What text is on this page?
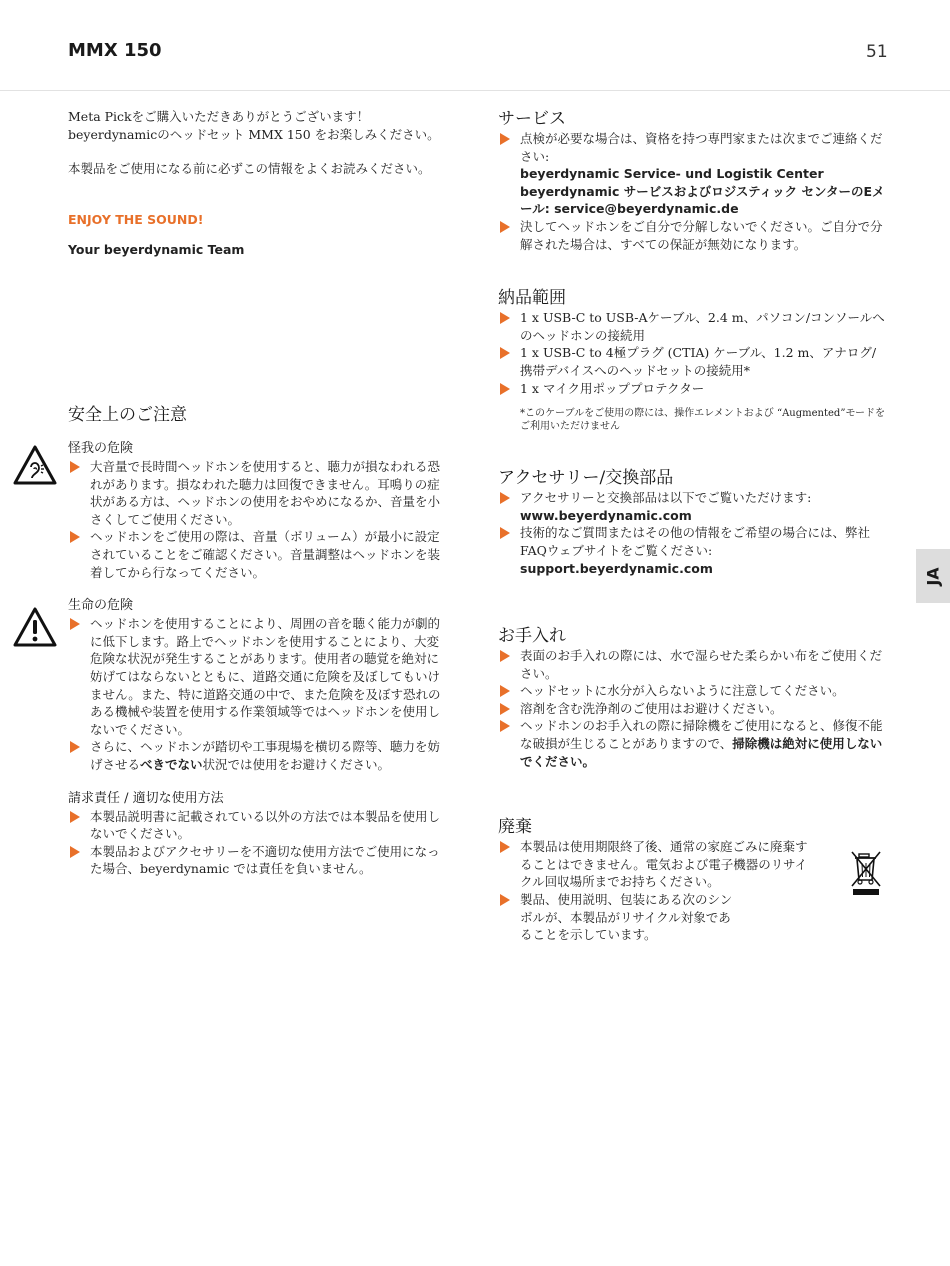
MMX 150	51

Meta Pickをご購入いただきありがとうございます！

beyerdynamicのヘッドセット MMX 150 をお楽しみください。

本製品をご使用になる前に必ずこの情報をよくお読みください。

ENJOY THE SOUND!
Your beyerdynamic Team
安全上のご注意
怪我の危険
大音量で長時間ヘッドホンを使用すると、聴力が損なわれる恐れがあります。損なわれた聴力は回復できません。耳鳴りの症状がある方は、ヘッドホンの使用をおやめになるか、音量を小さくしてご使用ください。
ヘッドホンをご使用の際は、音量（ボリューム）が最小に設定されていることをご確認ください。音量調整はヘッドホンを装着してから行なってください。
生命の危険
ヘッドホンを使用することにより、周囲の音を聴く能力が劇的に低下します。路上でヘッドホンを使用することにより、大変危険な状況が発生することがあります。使用者の聴覚を絶対に妨げてはならないとともに、道路交通に危険を及ぼしてもいけません。また、特に道路交通の中で、また危険を及ぼす恐れのある機械や装置を使用する作業領域等ではヘッドホンを使用しないでください。
さらに、ヘッドホンが踏切や工事現場を横切る際等、聴力を妨げさせるべきでない状況では使用をお避けください。
請求責任 / 適切な使用方法
本製品説明書に記載されている以外の方法では本製品を使用しないでください。
本製品およびアクセサリーを不適切な使用方法でご使用になった場合、beyerdynamic では責任を負いません。
サービス
点検が必要な場合は、資格を持つ専門家または次までご連絡ください:
beyerdynamic Service- und Logistik Center
beyerdynamic サービスおよびロジスティック センターのEメール: service@beyerdynamic.de
決してヘッドホンをご自分で分解しないでください。ご自分で分解された場合は、すべての保証が無効になります。
納品範囲
1 x USB-C to USB-Aケーブル、2.4 m、パソコン/コンソールへのヘッドホンの接続用
1 x USB-C to 4極プラグ (CTIA) ケーブル、1.2 m、アナログ/携帯デバイスへのヘッドセットの接続用*
1 x マイク用ポッププロテクター
*このケーブルをご使用の際には、操作エレメントおよび “Augmented”モードをご利用いただけません
アクセサリー/交換部品
アクセサリーと交換部品は以下でご覧いただけます:
www.beyerdynamic.com
技術的なご質問またはその他の情報をご希望の場合には、弊社FAQウェブサイトをご覧ください:
support.beyerdynamic.com
お手入れ
表面のお手入れの際には、水で湿らせた柔らかい布をご使用ください。
ヘッドセットに水分が入らないように注意してください。
溶剤を含む洗浄剤のご使用はお避けください。
ヘッドホンのお手入れの際に掃除機をご使用になると、修復不能な破損が生じることがありますので、掃除機は絶対に使用しないでください。
廃棄
本製品は使用期限終了後、通常の家庭ごみに廃棄することはできません。電気および電子機器のリサイクル回収場所までお持ちください。
製品、使用説明、包装にある次のシンボルが、本製品がリサイクル対象であることを示しています。
JA
